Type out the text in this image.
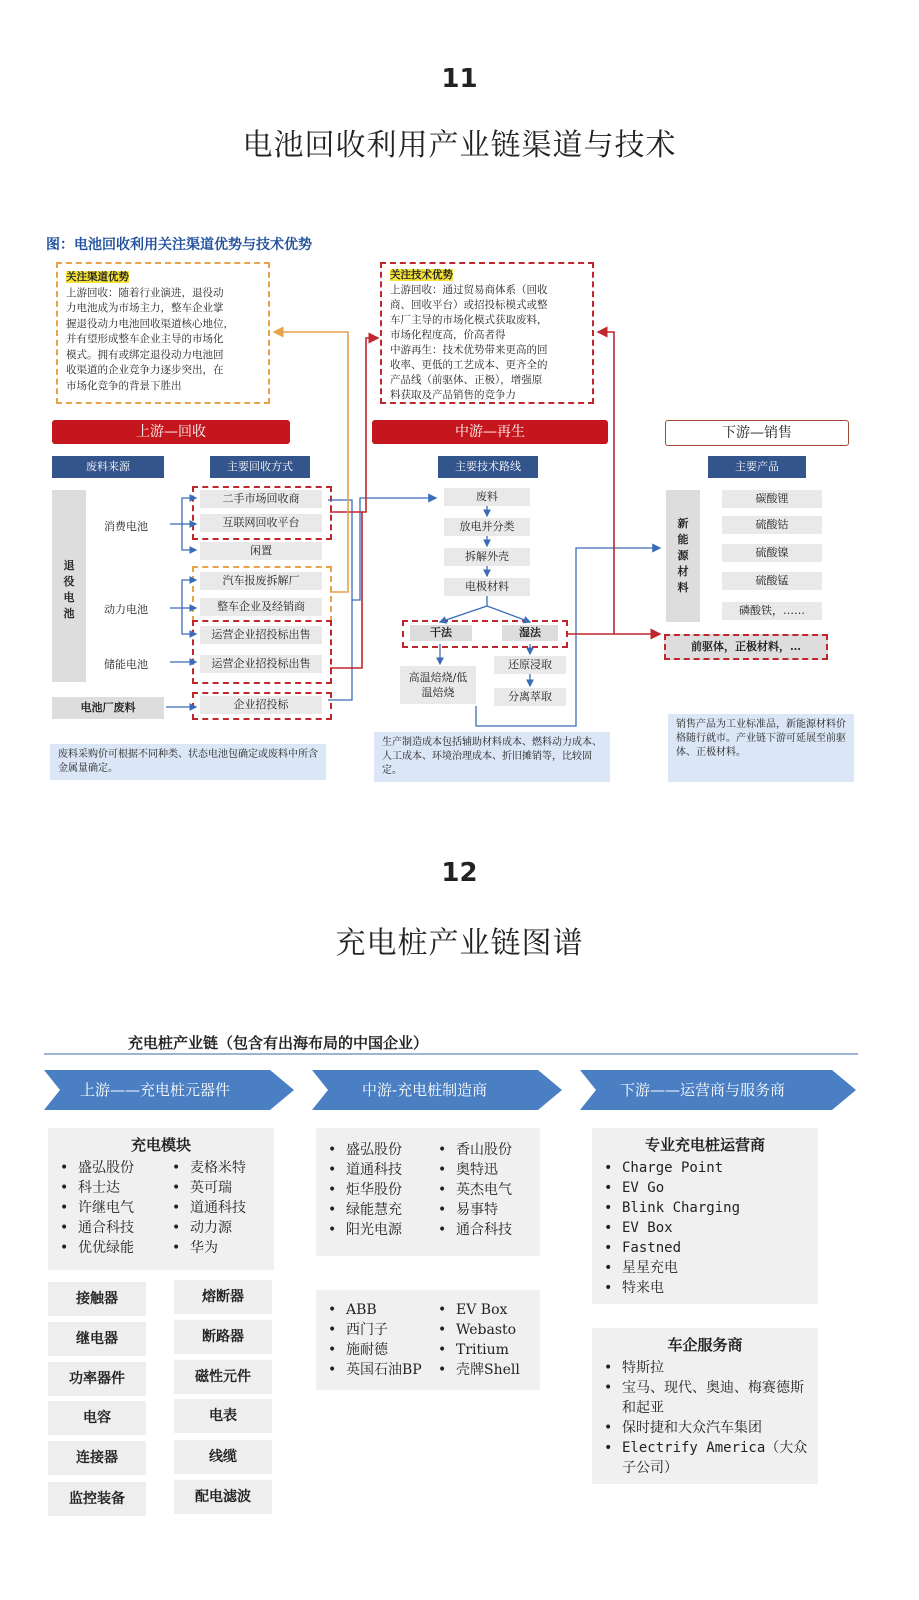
11
电池回收利用产业链渠道与技术
图：电池回收利用关注渠道优势与技术优势
关注渠道优势
上游回收：随着行业演进，退役动
力电池成为市场主力，整车企业掌
握退役动力电池回收渠道核心地位，
并有望形成整车企业主导的市场化
模式。拥有或绑定退役动力电池回
收渠道的企业竞争力逐步突出，在
市场化竞争的背景下胜出
关注技术优势
上游回收：通过贸易商体系（回收
商、回收平台）或招投标模式或整
车厂主导的市场化模式获取废料，
市场化程度高，价高者得
中游再生：技术优势带来更高的回
收率、更低的工艺成本、更齐全的
产品线（前驱体、正极），增强原
料获取及产品销售的竞争力
上游—回收	中游—再生	下游—销售
废料来源	主要回收方式
退役电池
消费电池
动力电池
储能电池
电池厂废料
二手市场回收商
互联网回收平台
闲置
汽车报废拆解厂
整车企业及经销商
运营企业招投标出售
运营企业招投标出售
企业招投标
主要技术路线
废料
放电并分类
拆解外壳
电极材料
干法	湿法
高温焙烧/低温焙烧
还原浸取
分离萃取
主要产品
新能源材料
碳酸锂
硫酸钴
硫酸镍
硫酸锰
磷酸铁，……
前驱体，正极材料，…
废料采购价可根据不同种类、状态电池包确定或废料中所含金属量确定。
生产制造成本包括辅助材料成本、燃料动力成本、人工成本、环境治理成本、折旧摊销等，比较固定。
销售产品为工业标准品，新能源材料价格随行就市。产业链下游可延展至前驱体、正极材料。
12
充电桩产业链图谱
充电桩产业链（包含有出海布局的中国企业）
上游——充电桩元器件	中游-充电桩制造商	下游——运营商与服务商
充电模块
• 盛弘股份
• 科士达
• 许继电气
• 通合科技
• 优优绿能
• 麦格米特
• 英可瑞
• 道通科技
• 动力源
• 华为
接触器
继电器
功率器件
电容
连接器
监控装备
熔断器
断路器
磁性元件
电表
线缆
配电滤波
• 盛弘股份
• 道通科技
• 炬华股份
• 绿能慧充
• 阳光电源
• 香山股份
• 奥特迅
• 英杰电气
• 易事特
• 通合科技
• ABB
• 西门子
• 施耐德
• 英国石油BP
• EV Box
• Webasto
• Tritium
• 壳牌Shell
专业充电桩运营商
• Charge Point
• EV Go
• Blink Charging
• EV Box
• Fastned
• 星星充电
• 特来电
车企服务商
• 特斯拉
• 宝马、现代、奥迪、梅赛德斯和起亚
• 保时捷和大众汽车集团
• Electrify America（大众子公司）
